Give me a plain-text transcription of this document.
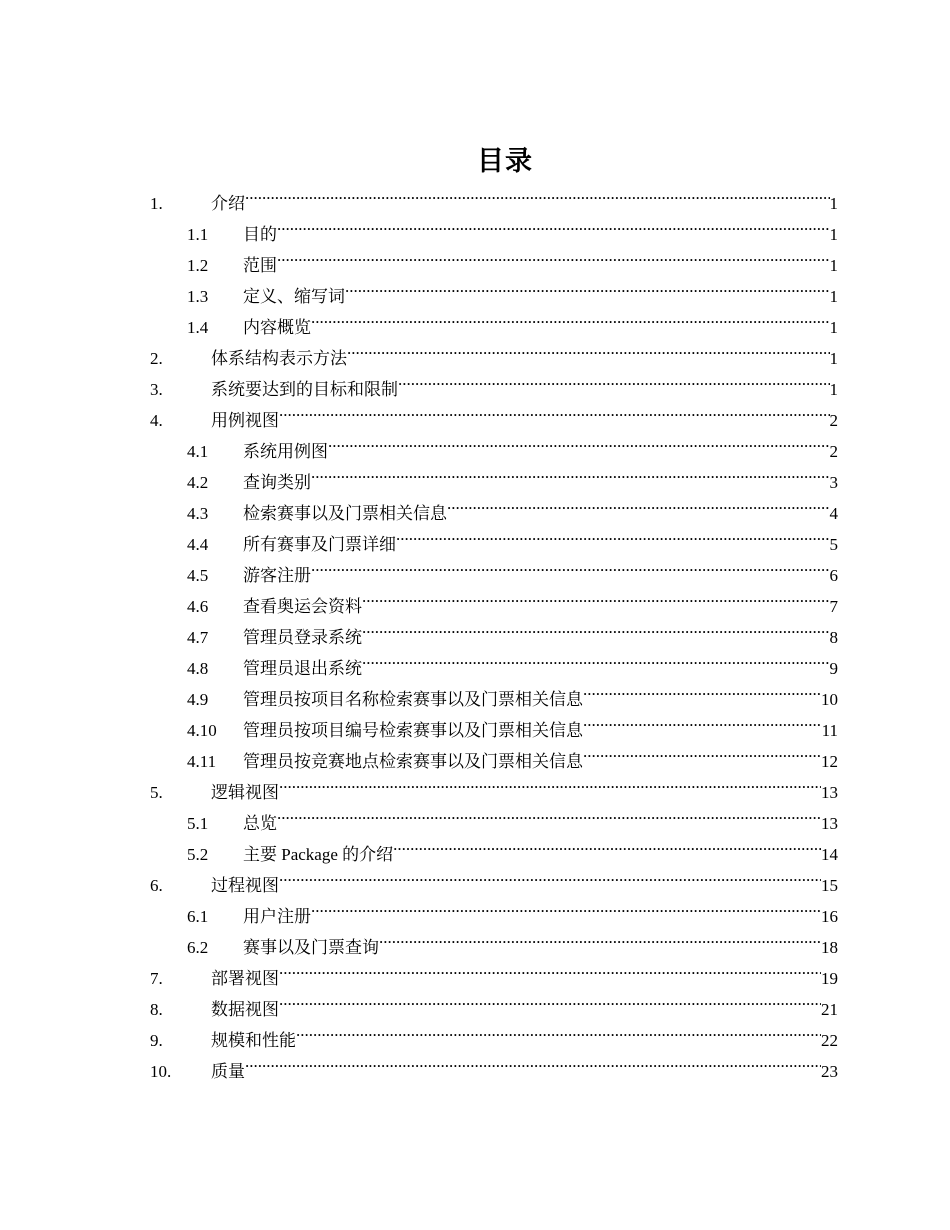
目录
1.	介绍 .....	1
1.1	目的 .....	1
1.2	范围 .....	1
1.3	定义、缩写词 .....	1
1.4	内容概览 .....	1
2.	体系结构表示方法 .....	1
3.	系统要达到的目标和限制 .....	1
4.	用例视图 .....	2
4.1	系统用例图 .....	2
4.2	查询类别 .....	3
4.3	检索赛事以及门票相关信息 .....	4
4.4	所有赛事及门票详细 .....	5
4.5	游客注册 .....	6
4.6	查看奥运会资料 .....	7
4.7	管理员登录系统 .....	8
4.8	管理员退出系统 .....	9
4.9	管理员按项目名称检索赛事以及门票相关信息 .....	10
4.10	管理员按项目编号检索赛事以及门票相关信息 .....	11
4.11	管理员按竞赛地点检索赛事以及门票相关信息 .....	12
5.	逻辑视图 .....	13
5.1	总览 .....	13
5.2	主要 Package 的介绍 .....	14
6.	过程视图 .....	15
6.1	用户注册 .....	16
6.2	赛事以及门票查询 .....	18
7.	部署视图 .....	19
8.	数据视图 .....	21
9.	规模和性能 .....	22
10.	质量 .....	23
